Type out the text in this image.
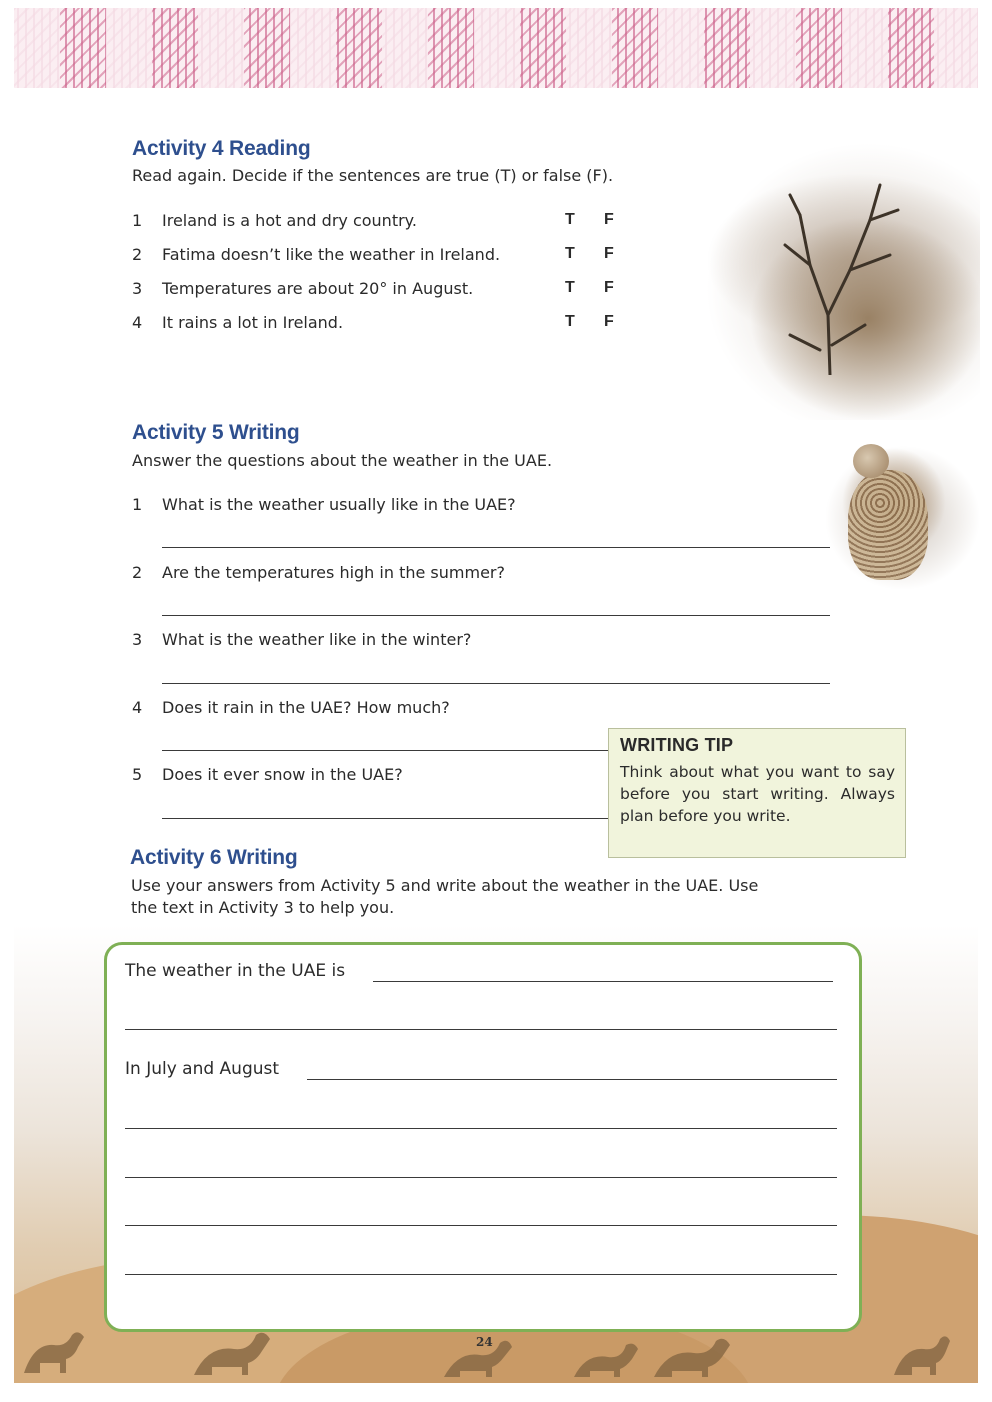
Activity 4 Reading

Read again. Decide if the sentences are true (T) or false (F).

1 Ireland is a hot and dry country.	T F
2 Fatima doesn’t like the weather in Ireland.	T F
3 Temperatures are about 20° in August.	T F
4 It rains a lot in Ireland.	T F
Activity 5 Writing

Answer the questions about the weather in the UAE.

1 What is the weather usually like in the UAE?
2 Are the temperatures high in the summer?
3 What is the weather like in the winter?
4 Does it rain in the UAE? How much?
5 Does it ever snow in the UAE?

WRITING TIP

Think about what you want to say before you start writing. Always plan before you write.

Activity 6 Writing

Use your answers from Activity 5 and write about the weather in the UAE. Use

the text in Activity 3 to help you.

The weather in the UAE is
In July and August
24
